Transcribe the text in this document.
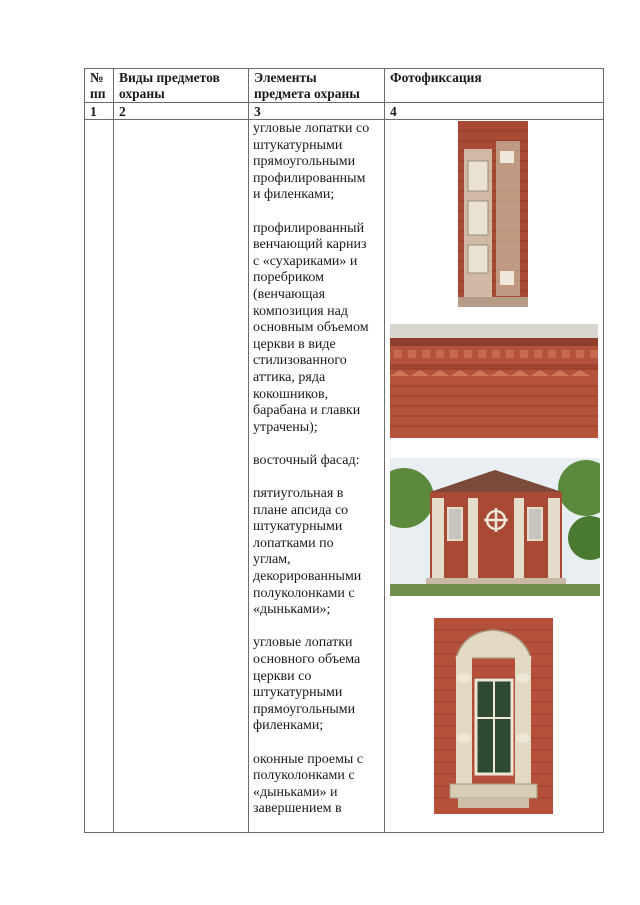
№
пп
Виды предметов
охраны
Элементы
предмета охраны
Фотофиксация
1 2	3	4

угловые лопатки со
штукатурными
прямоугольными
профилированным
и филенками;

профилированный
венчающий карниз
с «сухариками» и
поребриком
(венчающая
композиция над
основным объемом
церкви в виде
стилизованного
аттика, ряда
кокошников,
барабана и главки
утрачены);

восточный фасад:

пятиугольная в
плане апсида со
штукатурными
лопатками по
углам,
декорированными
полуколонками с
«дыньками»;

угловые лопатки
основного объема
церкви со
штукатурными
прямоугольными
филенками;

оконные проемы с
полуколонками с
«дыньками» и
завершением в
